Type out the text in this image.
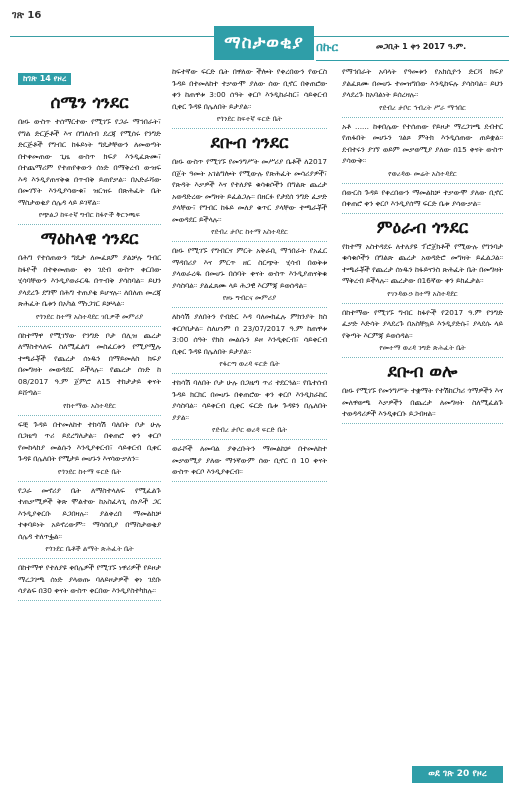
ገጽ 16
ማስታወቂያ	በኩር	መጋቢት 1 ቀን 2017 ዓ.ም.
ከገጽ 14 የዞረ
ሰሜን ጎንደር
በዞኑ ውስጥ ተሰማርተው የሚገኙ የጋራ ማኅበራት፣ የግል ድርጅቶች እና በግለሰብ ደረጃ የሚሰሩ የንግድ ድርጅቶች የግብር ከፋይነት ግዴታቸውን ለመወጣት በተቀመጠው ጊዜ ውስጥ ክፍያ እንዲፈጽሙ፣ በተጨማሪም የተጠየቀውን ሰነድ በማቅረብ ውዝፍ እዳ እንዲያጠናቅቁ በጥብቅ ይጠየቃል። በአድራሻው በመገኘት እንዲያሳውቁ፣ ዝርዝሩ በጽሕፈት ቤት ማስታወቂያ ሰሌዳ ላይ ይገኛል።
የጭልጋ ከፍተኛ ግብር ከፋዮች ቅርንጫፍ
ማዕከላዊ ጎንደር
በሕግ የተሰጠውን ግዴታ ለመፈጸም ያልቻሉ ግብር ከፋዮች በተቀመጠው ቀነ ገደብ ውስጥ ቀርበው ሂሳባቸውን እንዲያወራርዱ በጥብቅ ያሳስባል። ይህን ያላደረጉ ደግሞ በሕግ ተጠያቂ ይሆናሉ። ለበለጠ መረጃ ጽሕፈት ቤቱን በአካል ማነጋገር ይቻላል።
የጎንደር ከተማ አስተዳደር ገቢዎች መምሪያ
በከተማዋ የሚገኘው የንግድ ቦታ በሊዝ ጨረታ ለማስተላለፍ ስለሚፈልግ መስፈርቱን የሚያሟሉ ተጫራቾች የጨረታ ሰነዱን በማይመለስ ክፍያ በመግዛት መወዳደር ይችላሉ። የጨረታ ሰነድ ከ 08/2017 ዓ.ም ጀምሮ ለ15 ተከታታይ ቀናት ይሸጣል።
የከተማው አስተዳደር
ፍቺ ጉዳይ በተመለከተ ተከሳሽ ባለበት ቦታ ሁሉ በጋዜጣ ጥሪ ይደረግለታል። በቀጠሮ ቀን ቀርቦ የመከላከያ መልሱን እንዲያቀርብ፣ ሳይቀርብ ቢቀር ጉዳዩ በሌለበት የሚታይ መሆኑን እናሳውቃለን።
የጎንደር ከተማ ፍርድ ቤት
የጋራ መኖሪያ ቤት ለማስተላለፍ የሚፈልጉ ተጠቃሚዎች ቅጽ ሞልተው ከአስፈላጊ ሰነዶች ጋር እንዲያቀርቡ ይጋበዛሉ። ያልቀረበ ማመልከቻ ተቀባይነት አይኖረውም። ማሳሰቢያ በማስታወቂያ ሰሌዳ ተለጥፏል።
የጎንደር ቤቶች ልማት ጽሕፈት ቤት
በከተማዋ የተለያዩ ቀበሌዎች የሚገኙ ነዋሪዎች የይዞታ ማረጋገጫ ሰነድ ያላወጡ ባለይዞታዎች ቀነ ገደቡ ሳያልፍ በ30 ቀናት ውስጥ ቀርበው እንዲያስተካክሉ።
ከፍተኛው ፍርድ ቤት በዋለው ችሎት የቀረበውን የውርስ ጉዳይ በተመለከተ ተቃውሞ ያለው ሰው ቢኖር በቀጠሮው ቀን ከጠዋቱ 3:00 ሰዓት ቀርቦ እንዲከራከር፣ ሳይቀርብ ቢቀር ጉዳዩ በሌለበት ይታያል።
የጎንደር ከፍተኛ ፍርድ ቤት
ደቡብ ጎንደር
በዞኑ ውስጥ የሚገኙ የመንግሥት መሥሪያ ቤቶች ለ2017 በጀት ዓመት አገልግሎት የሚውሉ የጽሕፈት መሳሪያዎች፣ የጽዳት እቃዎች እና የተለያዩ ቁሳቁሶችን በግልጽ ጨረታ አወዳድረው መግዛት ይፈልጋሉ። በዘርፉ የታደሰ ንግድ ፈቃድ ያላቸው፣ የግብር ከፋይ መለያ ቁጥር ያላቸው ተጫራቾች መወዳደር ይችላሉ።
የደብረ ታቦር ከተማ አስተዳደር
በዞኑ የሚገኙ የግብርና ምርት አቅራቢ ማኅበራት የአፈር ማዳበሪያ እና ምርጥ ዘር ስርጭት ሂሳብ በወቅቱ ያላወራረዱ በመሆኑ በሰባት ቀናት ውስጥ እንዲያጠናቅቁ ያሳስባል። ያልፈጸሙ ላይ ሕጋዊ እርምጃ ይወሰዳል።
የዞኑ ግብርና መምሪያ
ለከሳሽ ያለበትን የብድር እዳ ባለመክፈሉ ምክንያት ክስ ቀርቦበታል። ስለሆነም በ 23/07/2017 ዓ.ም ከጠዋቱ 3:00 ሰዓት የክስ መልሱን ይዞ እንዲቀርብ፣ ሳይቀርብ ቢቀር ጉዳዩ በሌለበት ይታያል።
የፋርጣ ወረዳ ፍርድ ቤት
ተከሳሽ ባለበት ቦታ ሁሉ በጋዜጣ ጥሪ ተደርጓል። የቤተሰብ ጉዳይ ክርክር በመሆኑ በቀጠሮው ቀን ቀርቦ እንዲከራከር ያሳስባል። ሳይቀርብ ቢቀር ፍርድ ቤቱ ጉዳዩን በሌለበት ያያል።
የደብረ ታቦር ወረዳ ፍርድ ቤት
ወራሾች ለመባል ያቀረቡትን ማመልከቻ በተመለከተ መቃወሚያ ያለው ማንኛውም ሰው ቢኖር በ 10 ቀናት ውስጥ ቀርቦ እንዲያቀርብ።
የማኅበራት አባላት የዓመቱን የአክሲዮን ድርሻ ክፍያ ያልፈጸሙ በመሆኑ ተመዝግበው እንዲከፍሉ ያሳስባል። ይህን ያላደረጉ ከአባልነት ይሰረዛሉ።
የደብረ ታቦር ኅብረት ሥራ ማኅበር
አቶ ...... ከቀበሌው የተሰጠው የይዞታ ማረጋገጫ ደብተር የጠፋበት መሆኑን ገልጾ ምትክ እንዲሰጠው ጠይቋል። ደብተሩን ያገኘ ወይም መቃወሚያ ያለው በ15 ቀናት ውስጥ ያሳውቅ።
የወረዳው መሬት አስተዳደር
በውርስ ጉዳይ የቀረበውን ማመልከቻ ተቃውሞ ያለው ቢኖር በቀጠሮ ቀን ቀርቦ እንዲያሰማ ፍርድ ቤቱ ያሳውቃል።
ምዕራብ ጎንደር
የከተማ አስተዳደሩ ለተለያዩ ፕሮጀክቶች የሚውሉ የግንባታ ቁሳቁሶችን በግልጽ ጨረታ አወዳድሮ መግዛት ይፈልጋል። ተጫራቾች የጨረታ ሰነዱን ከፋይናንስ ጽሕፈት ቤት በመግዛት ማቅረብ ይችላሉ። ጨረታው በ16ኛው ቀን ይከፈታል።
የገንዳውኃ ከተማ አስተዳደር
በከተማው የሚገኙ ግብር ከፋዮች የ2017 ዓ.ም የንግድ ፈቃድ እድሳት ያላደረጉ በአስቸኳይ እንዲያድሱ፣ ያላደሱ ላይ የቅጣት እርምጃ ይወሰዳል።
የመተማ ወረዳ ንግድ ጽሕፈት ቤት
ደቡብ ወሎ
በዞኑ የሚገኙ የመንግሥት ተቋማት የተሽከርካሪ ጎማዎችን እና መለዋወጫ እቃዎችን በጨረታ ለመግዛት ስለሚፈልጉ ተወዳዳሪዎች እንዲቀርቡ ይጋብዛል።
ወደ ገጽ 20 የዞረ
